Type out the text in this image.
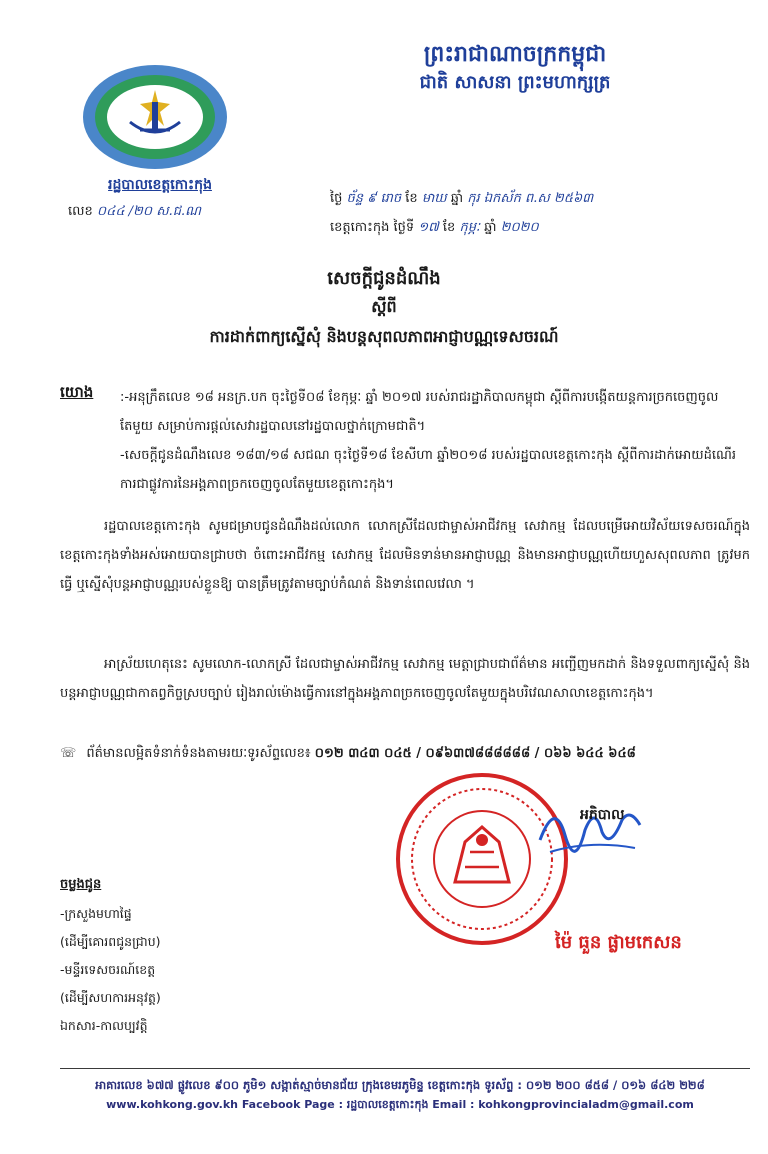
ព្រះរាជាណាចក្រកម្ពុជា
ជាតិ សាសនា ព្រះមហាក្សត្រ
រដ្ឋបាលខេត្តកោះកុង
លេខ ០៤៤ /២០ ស.ជ.ណ
ថ្ងៃ ច័ន្ទ ៩ រោច ខែ មាឃ ឆ្នាំ កុរ ឯកស័ក ព.ស ២៥៦៣
ខេត្តកោះកុង ថ្ងៃទី ១៧ ខែ កុម្ភៈ ឆ្នាំ ២០២០
សេចក្តីជូនដំណឹង
ស្តីពី
ការដាក់ពាក្យស្នើសុំ និងបន្តសុពលភាពអាជ្ញាបណ្ណទេសចរណ៍
យោង :-អនុក្រឹតលេខ ១៨ អនក្រ.បក ចុះថ្ងៃទី០៨ ខែកុម្ភៈ ឆ្នាំ ២០១៧ របស់រាជរដ្ឋាភិបាលកម្ពុជា ស្តីពីការបង្កើតយន្តការច្រកចេញចូលតែមួយ សម្រាប់ការផ្តល់សេវារដ្ឋបាលនៅរដ្ឋបាលថ្នាក់ក្រោមជាតិ។

-សេចក្តីជូនដំណឹងលេខ ១៨៣/១៨ សជណ ចុះថ្ងៃទី១៨ ខែសីហា ឆ្នាំ២០១៨ របស់រដ្ឋបាលខេត្តកោះកុង ស្តីពីការដាក់អោយដំណើរការជាផ្លូវការនៃអង្គភាពច្រកចេញចូលតែមួយខេត្តកោះកុង។

រដ្ឋបាលខេត្តកោះកុង សូមជម្រាបជូនដំណឹងដល់លោក លោកស្រីដែលជាម្ចាស់អាជីវកម្ម សេវាកម្ម ដែលបម្រើអោយវិស័យទេសចរណ៍ក្នុងខេត្តកោះកុងទាំងអស់អោយបានជ្រាបថា ចំពោះអាជីវកម្ម សេវាកម្ម ដែលមិនទាន់មានអាជ្ញាបណ្ណ និងមានអាជ្ញាបណ្ណហើយហួសសុពលភាព ត្រូវមកធ្វើ ឬស្នើសុំបន្តអាជ្ញាបណ្ណរបស់ខ្លួនឱ្យ បានត្រឹមត្រូវតាមច្បាប់កំណត់ និងទាន់ពេលវេលា ។
អាស្រ័យហេតុនេះ សូមលោក-លោកស្រី ដែលជាម្ចាស់អាជីវកម្ម សេវាកម្ម មេត្តាជ្រាបជាព័ត៌មាន អញ្ជើញមកដាក់ និងទទួលពាក្យស្នើសុំ និងបន្តអាជ្ញាបណ្ណជាកាតព្វកិច្ចស្របច្បាប់ រៀងរាល់ម៉ោងធ្វើការនៅក្នុងអង្គភាពច្រកចេញចូលតែមួយក្នុងបរិវេណសាលាខេត្តកោះកុង។
☏ ព័ត៌មានលម្អិតទំនាក់ទំនងតាមរយៈទូរស័ព្ទលេខ៖ ០១២ ៣៤៣ ០៤៥ / ០៩៦៣៧៨៨៨៨៨៨ / ០៦៦ ៦៤៤ ៦៤៨
អភិបាល
ម៉ៃ ធួន ផ្លាមកេសន
ចម្លងជូន
-ក្រសួងមហាផ្ទៃ
(ដើម្បីគោរពជូនជ្រាប)
-មន្ទីរទេសចរណ៍ខេត្ត
(ដើម្បីសហការអនុវត្ត)
ឯកសារ-កាលប្បវត្តិ
អាគារលេខ ៦៧៧ ផ្លូវលេខ ៩០០ ភូមិ១ សង្កាត់ស្មាច់មានជ័យ ក្រុងខេមរភូមិន្ទ ខេត្តកោះកុង ទូរស័ព្ទ : ០១២ ២០០ ៨៥៨ / ០១៦ ៨៤២ ២២៨
www.kohkong.gov.kh Facebook Page : រដ្ឋបាលខេត្តកោះកុង Email : kohkongprovincialadm@gmail.com
